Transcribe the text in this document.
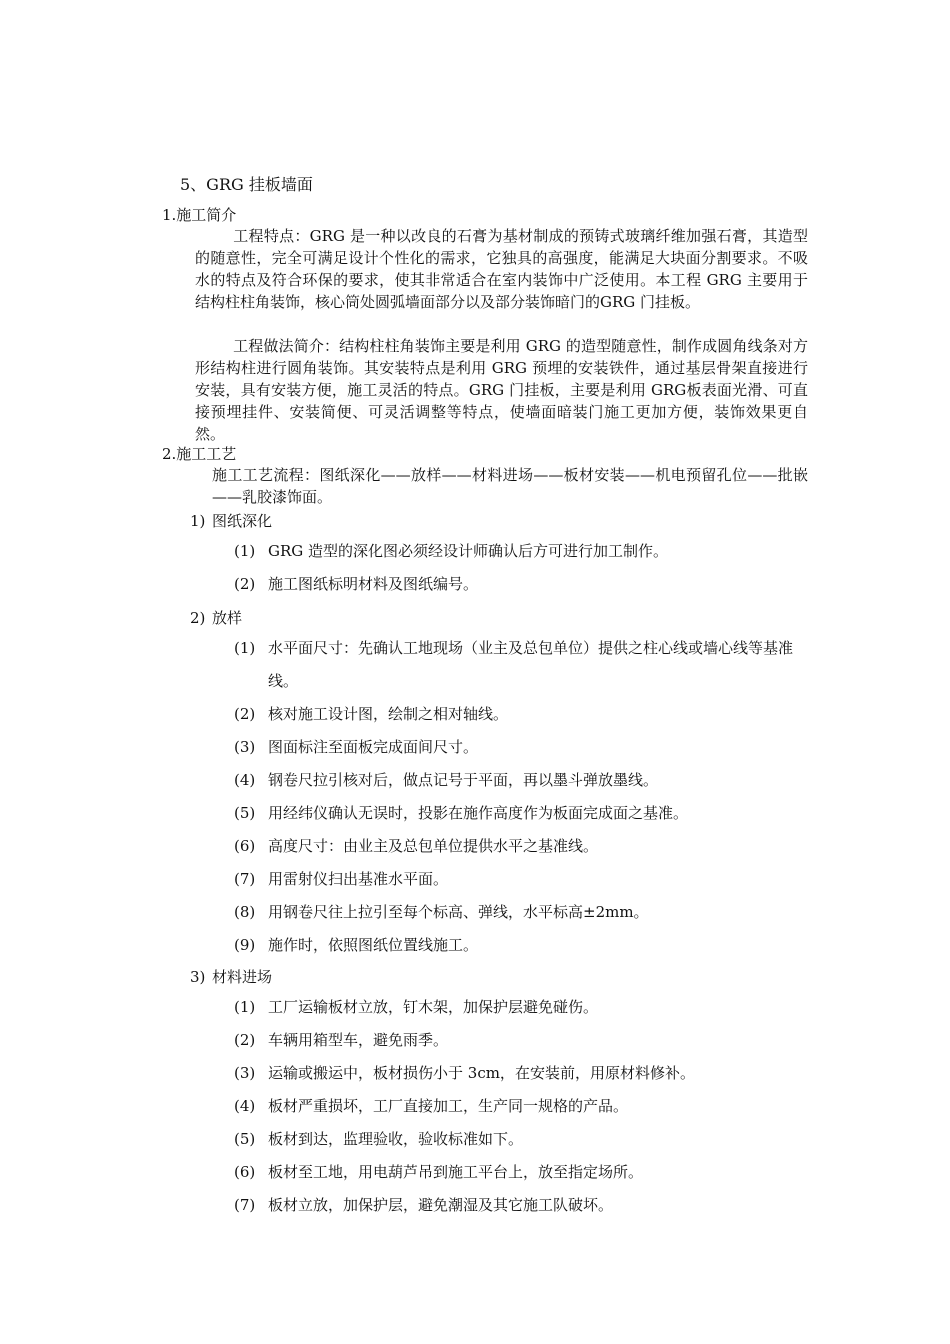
5、GRG 挂板墙面
1.施工简介

工程特点：GRG 是一种以改良的石膏为基材制成的预铸式玻璃纤维加强石膏，其造型的随意性，完全可满足设计个性化的需求，它独具的高强度，能满足大块面分割要求。不吸水的特点及符合环保的要求，使其非常适合在室内装饰中广泛使用。本工程 GRG 主要用于结构柱柱角装饰，核心筒处圆弧墙面部分以及部分装饰暗门的GRG 门挂板。

工程做法简介：结构柱柱角装饰主要是利用 GRG 的造型随意性，制作成圆角线条对方形结构柱进行圆角装饰。其安装特点是利用 GRG 预埋的安装铁件，通过基层骨架直接进行安装，具有安装方便，施工灵活的特点。GRG 门挂板，主要是利用 GRG板表面光滑、可直接预埋挂件、安装简便、可灵活调整等特点，使墙面暗装门施工更加方便，装饰效果更自然。

2.施工工艺

施工工艺流程：图纸深化——放样——材料进场——板材安装——机电预留孔位——批嵌——乳胶漆饰面。

1) 图纸深化
(1) GRG 造型的深化图必须经设计师确认后方可进行加工制作。
(2) 施工图纸标明材料及图纸编号。
2) 放样
(1) 水平面尺寸：先确认工地现场（业主及总包单位）提供之柱心线或墙心线等基准线。
(2) 核对施工设计图，绘制之相对轴线。
(3) 图面标注至面板完成面间尺寸。
(4) 钢卷尺拉引核对后，做点记号于平面，再以墨斗弹放墨线。
(5) 用经纬仪确认无误时，投影在施作高度作为板面完成面之基准。
(6) 高度尺寸：由业主及总包单位提供水平之基准线。
(7) 用雷射仪扫出基准水平面。
(8) 用钢卷尺往上拉引至每个标高、弹线，水平标高±2mm。
(9) 施作时，依照图纸位置线施工。
3) 材料进场
(1) 工厂运输板材立放，钉木架，加保护层避免碰伤。
(2) 车辆用箱型车，避免雨季。
(3) 运输或搬运中，板材损伤小于 3cm，在安装前，用原材料修补。
(4) 板材严重损坏，工厂直接加工，生产同一规格的产品。
(5) 板材到达，监理验收，验收标准如下。
(6) 板材至工地，用电葫芦吊到施工平台上，放至指定场所。
(7) 板材立放，加保护层，避免潮湿及其它施工队破坏。
